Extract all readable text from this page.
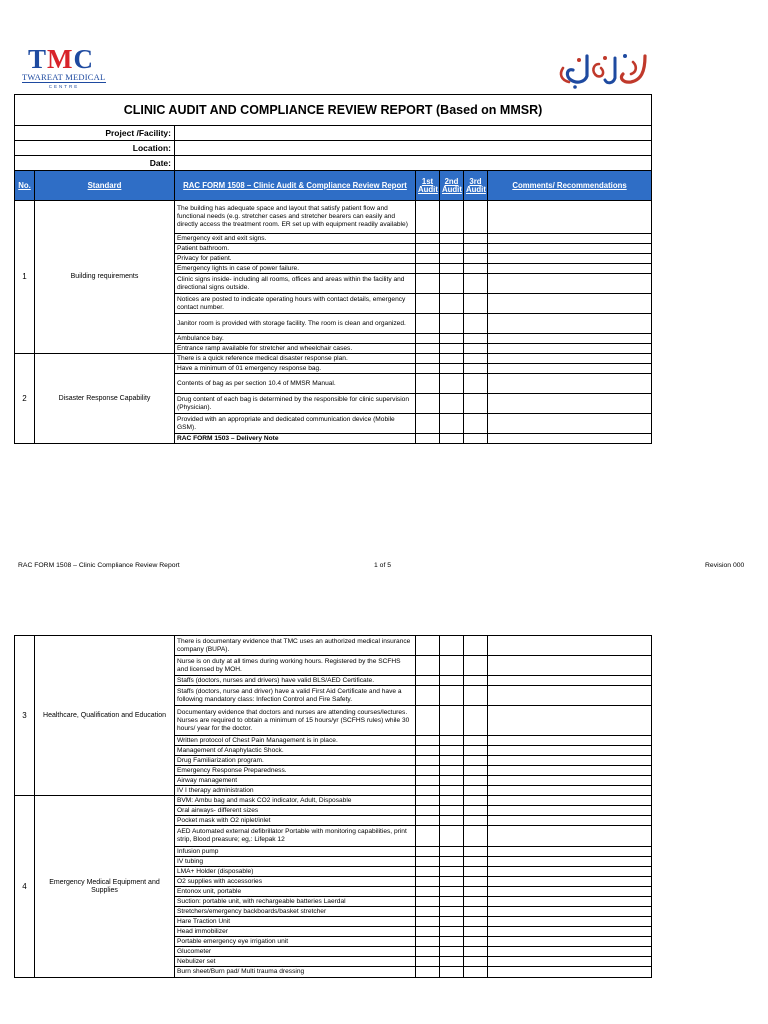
TMC
TWAREAT MEDICAL
CENTRE
CLINIC AUDIT AND COMPLIANCE REVIEW REPORT (Based on MMSR)						
Project /Facility:						
Location:						
Date:						
No.	Standard	RAC FORM 1508 – Clinic Audit & Compliance Review Report	1st Audit	2nd Audit	3rd Audit	Comments/ Recommendations
1	Building requirements	The building has adequate space and layout that satisfy patient flow and functional needs (e.g. stretcher cases and stretcher bearers can easily and directly access the treatment room. ER set up with equipment readily available)				
		Emergency exit and exit signs.				
		Patient bathroom.				
		Privacy for patient.				
		Emergency lights in case of power failure.				
		Clinic signs inside- including all rooms, offices and areas within the facility and directional signs outside.				
		Notices are posted to indicate operating hours with contact details, emergency contact number.				
		Janitor room is provided with storage facility. The room is clean and organized.				
		Ambulance bay.				
		Entrance ramp available for stretcher and wheelchair cases.				
2	Disaster Response Capability	There is a quick reference medical disaster response plan.				
		Have a minimum of 01 emergency response bag.				
		Contents of bag as per section 10.4 of MMSR Manual.				
		Drug content of each bag is determined by the responsible for clinic supervision (Physician).				
		Provided with an appropriate and dedicated communication device (Mobile GSM).				
		RAC FORM 1503 – Delivery Note				
RAC FORM 1508 – Clinic Compliance Review Report	1 of 5	Revision 000
3	Healthcare, Qualification and Education	There is documentary evidence that TMC uses an authorized medical insurance company (BUPA).				
		Nurse is on duty at all times during working hours. Registered by the SCFHS and licensed by MOH.				
		Staffs (doctors, nurses and drivers) have valid BLS/AED Certificate.				
		Staffs (doctors, nurse and driver) have a valid First Aid Certificate and have a following mandatory class: Infection Control and Fire Safety.				
		Documentary evidence that doctors and nurses are attending courses/lectures. Nurses are required to obtain a minimum of 15 hours/yr (SCFHS rules) while 30 hours/ year for the doctor.				
		Written protocol of Chest Pain Management is in place.				
		Management of Anaphylactic Shock.				
		Drug Familiarization program.				
		Emergency Response Preparedness.				
		Airway management				
		IV I therapy administration				
4	Emergency Medical Equipment and Supplies	BVM: Ambu bag and mask CO2 indicator, Adult, Disposable				
		Oral airways- different sizes				
		Pocket mask with O2 niplet/inlet				
		AED Automated external defibrillator Portable with monitoring capabilities, print strip, Blood preasure; eg,: Lifepak 12				
		Infusion pump				
		IV tubing				
		LMA+ Holder (disposable)				
		O2 supplies with accessories				
		Entonox unit, portable				
		Suction: portable unit, with rechargeable batteries Laerdal				
		Stretchers/emergency backboards/basket stretcher				
		Hare Traction Unit				
		Head immobilizer				
		Portable emergency eye irrigation unit				
		Glucometer				
		Nebulizer set				
		Burn sheet/Burn pad/ Multi trauma dressing				
